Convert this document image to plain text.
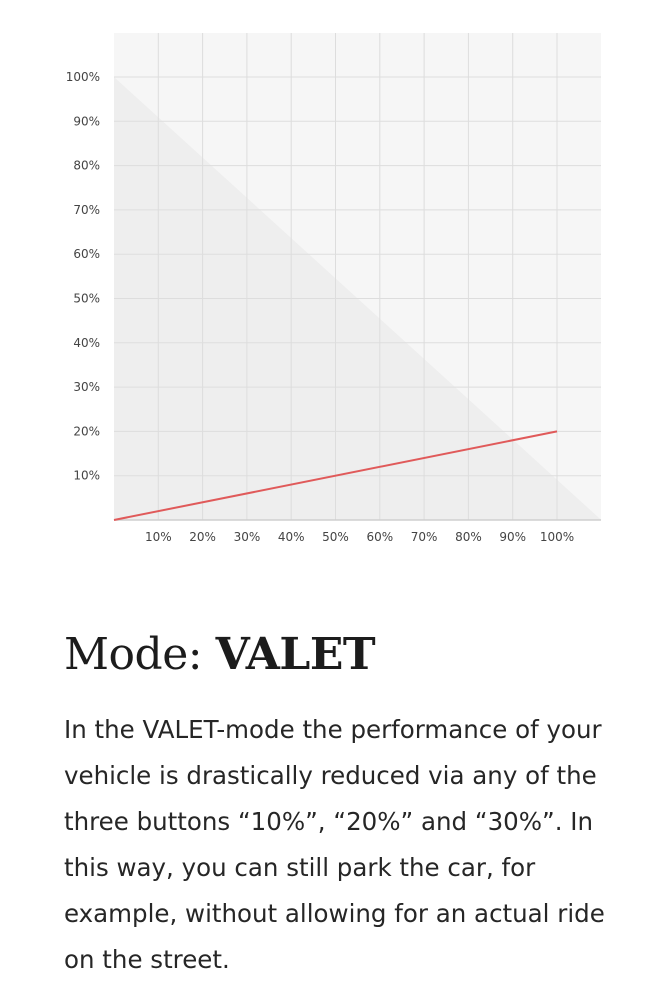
10%
20%
30%
40%
50%
60%
70%
80%
90%
100%
10% 20% 30% 40% 50% 60% 70% 80% 90% 100%
Mode: VALET

In the VALET-mode the performance of your vehicle is drastically reduced via any of the three buttons “10%”, “20%” and “30%”. In this way, you can still park the car, for example, without allowing for an actual ride on the street.
